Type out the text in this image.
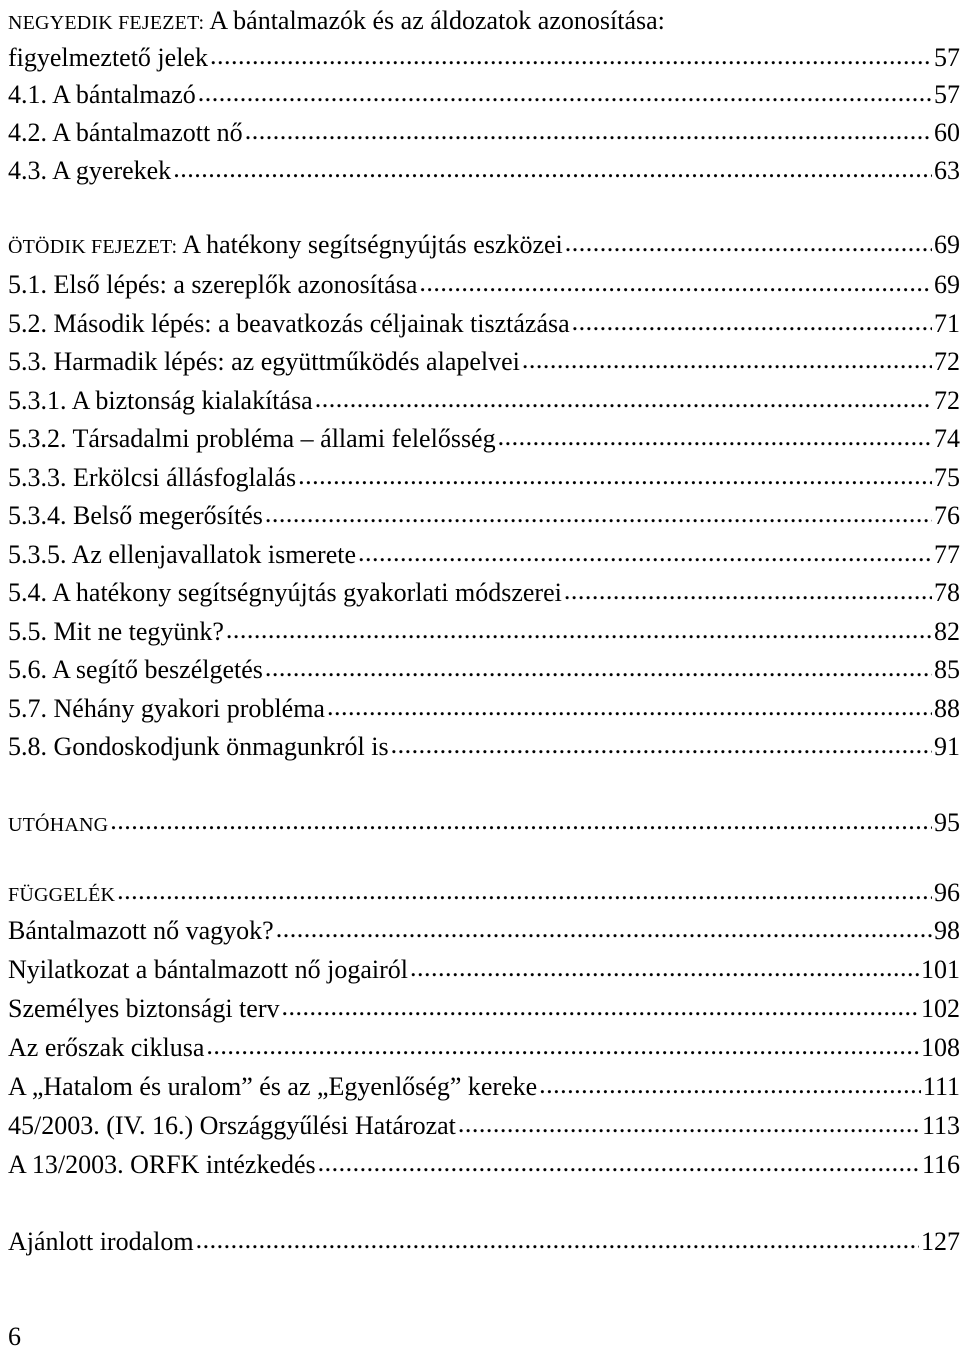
NEGYEDIK FEJEZET: A bántalmazók és az áldozatok azonosítása:
figyelmeztető jelek .....	57
4.1. A bántalmazó .....	57
4.2. A bántalmazott nő .....	60
4.3. A gyerekek .....	63
ÖTÖDIK FEJEZET: A hatékony segítségnyújtás eszközei .....	69
5.1. Első lépés: a szereplők azonosítása .....	69
5.2. Második lépés: a beavatkozás céljainak tisztázása .....	71
5.3. Harmadik lépés: az együttműködés alapelvei .....	72
5.3.1. A biztonság kialakítása .....	72
5.3.2. Társadalmi probléma – állami felelősség .....	74
5.3.3. Erkölcsi állásfoglalás .....	75
5.3.4. Belső megerősítés .....	76
5.3.5. Az ellenjavallatok ismerete .....	77
5.4. A hatékony segítségnyújtás gyakorlati módszerei .....	78
5.5. Mit ne tegyünk? .....	82
5.6. A segítő beszélgetés .....	85
5.7. Néhány gyakori probléma .....	88
5.8. Gondoskodjunk önmagunkról is .....	91
UTÓHANG .....	95
FÜGGELÉK .....	96
Bántalmazott nő vagyok? .....	98
Nyilatkozat a bántalmazott nő jogairól .....	101
Személyes biztonsági terv .....	102
Az erőszak ciklusa .....	108
A „Hatalom és uralom” és az „Egyenlőség” kereke .....	111
45/2003. (IV. 16.) Országgyűlési Határozat .....	113
A 13/2003. ORFK intézkedés .....	116
Ajánlott irodalom .....	127
6
